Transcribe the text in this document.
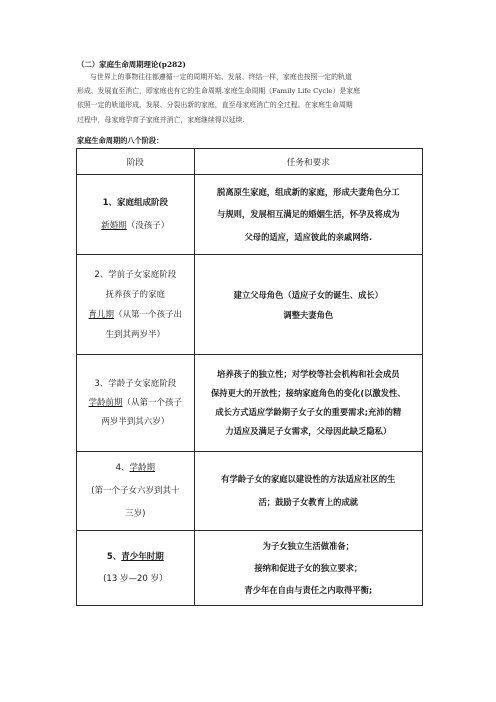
（二）家庭生命周期理论(p282)
与世界上的事物往往都遵循一定的周期开始、发展、终结一样，家庭也按照一定的轨道
形成、发展直至消亡，即家庭也有它的生命周期.家庭生命周期（Family Life Cycle）是家庭
依照一定的轨道形成、发展、分裂出新的家庭，直至母家庭消亡的全过程。在家庭生命周期
过程中，母家庭孕育子家庭并消亡，家庭继续得以延续.
家庭生命周期的八个阶段：
阶段	任务和要求

1、家庭组成阶段
新婚期（没孩子）	脱离原生家庭，组成新的家庭，形成夫妻角色分工
与规则，发展相互满足的婚姻生活，怀孕及将成为
父母的适应，适应彼此的亲戚网络.

2、学前子女家庭阶段
抚养孩子的家庭
育儿期（从第一个孩子出
生到其两岁半）	建立父母角色（适应子女的诞生、成长）
调整夫妻角色

3、学龄子女家庭阶段
学龄前期（从第一个孩子
两岁半到其六岁）	培养孩子的独立性；对学校等社会机构和社会成员
保持更大的开放性；接纳家庭角色的变化(以激发性、
成长方式适应学龄期子女子女的重要需求;充沛的精
力适应及满足子女需求，父母因此缺乏隐私）

4、学龄期
(第一个子女六岁到其十
三岁)	有学龄子女的家庭以建设性的方法适应社区的生
活；鼓励子女教育上的成就

5、青少年时期
(13 岁—20 岁）	为子女独立生活做准备；
接纳和促进子女的独立要求；
青少年在自由与责任之内取得平衡;
